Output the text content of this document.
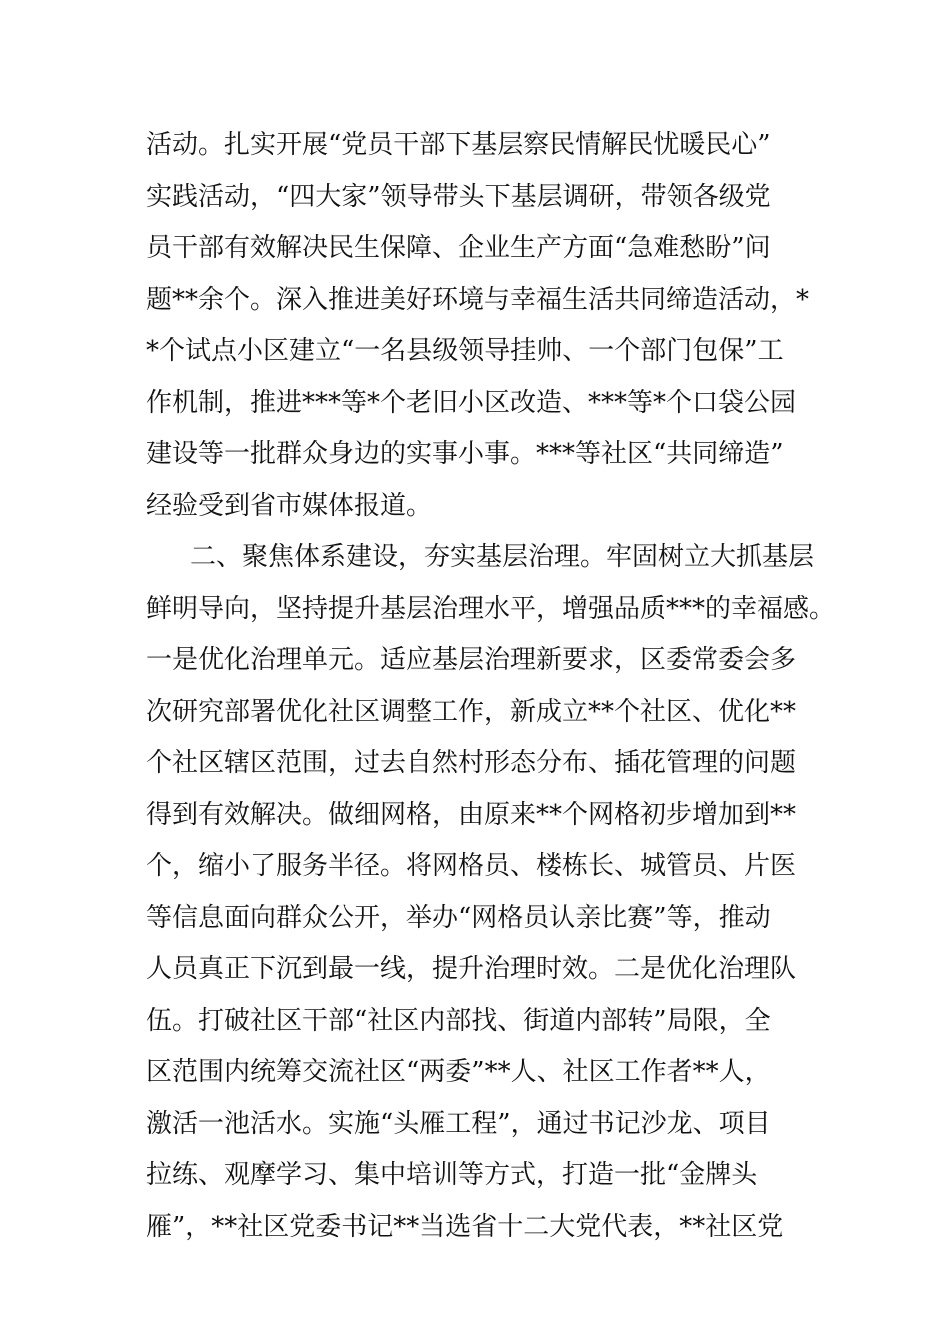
活动。扎实开展“党员干部下基层察民情解民忧暖民心”
实践活动，“四大家”领导带头下基层调研，带领各级党
员干部有效解决民生保障、企业生产方面“急难愁盼”问
题**余个。深入推进美好环境与幸福生活共同缔造活动，*
*个试点小区建立“一名县级领导挂帅、一个部门包保”工
作机制，推进***等*个老旧小区改造、***等*个口袋公园
建设等一批群众身边的实事小事。***等社区“共同缔造”
经验受到省市媒体报道。
二、聚焦体系建设，夯实基层治理。牢固树立大抓基层
鲜明导向，坚持提升基层治理水平，增强品质***的幸福感。
一是优化治理单元。适应基层治理新要求，区委常委会多
次研究部署优化社区调整工作，新成立**个社区、优化**
个社区辖区范围，过去自然村形态分布、插花管理的问题
得到有效解决。做细网格，由原来**个网格初步增加到**
个，缩小了服务半径。将网格员、楼栋长、城管员、片医
等信息面向群众公开，举办“网格员认亲比赛”等，推动
人员真正下沉到最一线，提升治理时效。二是优化治理队
伍。打破社区干部“社区内部找、街道内部转”局限，全
区范围内统筹交流社区“两委”**人、社区工作者**人，
激活一池活水。实施“头雁工程”，通过书记沙龙、项目
拉练、观摩学习、集中培训等方式，打造一批“金牌头
雁”，**社区党委书记**当选省十二大党代表，**社区党
